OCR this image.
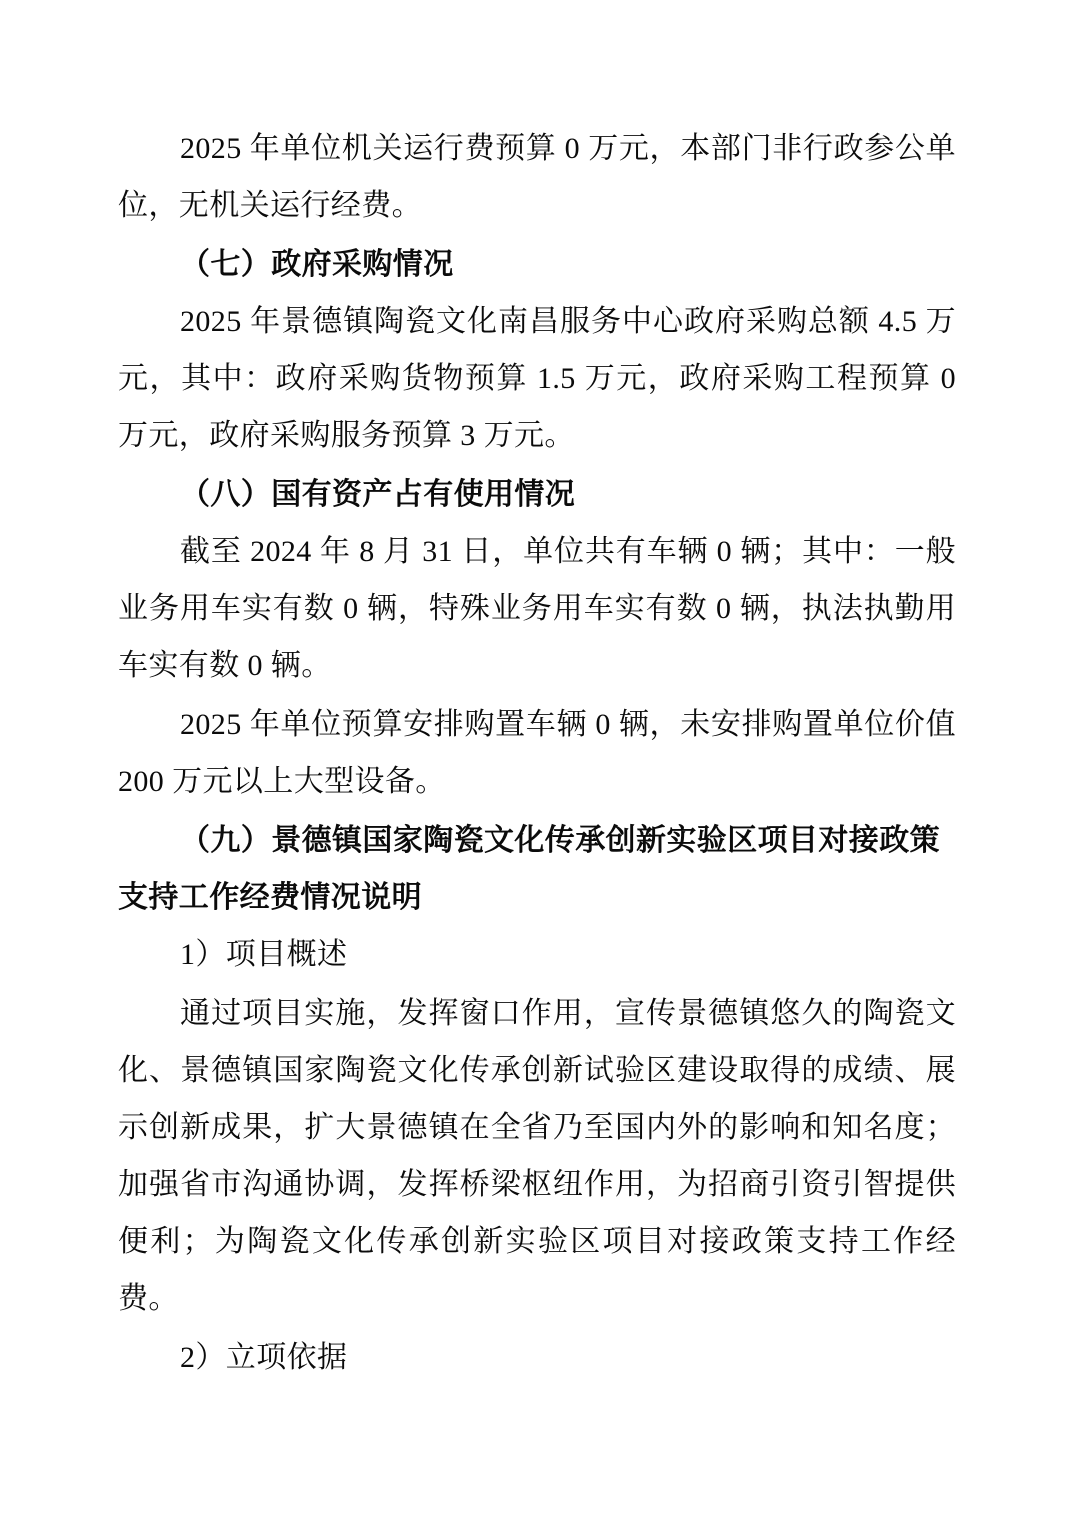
2025 年单位机关运行费预算 0 万元，本部门非行政参公单位，无机关运行经费。

（七）政府采购情况

2025 年景德镇陶瓷文化南昌服务中心政府采购总额 4.5 万元，其中：政府采购货物预算 1.5 万元，政府采购工程预算 0 万元，政府采购服务预算 3 万元。

（八）国有资产占有使用情况

截至 2024 年 8 月 31 日，单位共有车辆 0 辆；其中：一般业务用车实有数 0 辆，特殊业务用车实有数 0 辆，执法执勤用车实有数 0 辆。

2025 年单位预算安排购置车辆 0 辆，未安排购置单位价值 200 万元以上大型设备。

（九）景德镇国家陶瓷文化传承创新实验区项目对接政策支持工作经费情况说明

1）项目概述

通过项目实施，发挥窗口作用，宣传景德镇悠久的陶瓷文化、景德镇国家陶瓷文化传承创新试验区建设取得的成绩、展示创新成果，扩大景德镇在全省乃至国内外的影响和知名度；加强省市沟通协调，发挥桥梁枢纽作用，为招商引资引智提供便利；为陶瓷文化传承创新实验区项目对接政策支持工作经费。

2）立项依据
